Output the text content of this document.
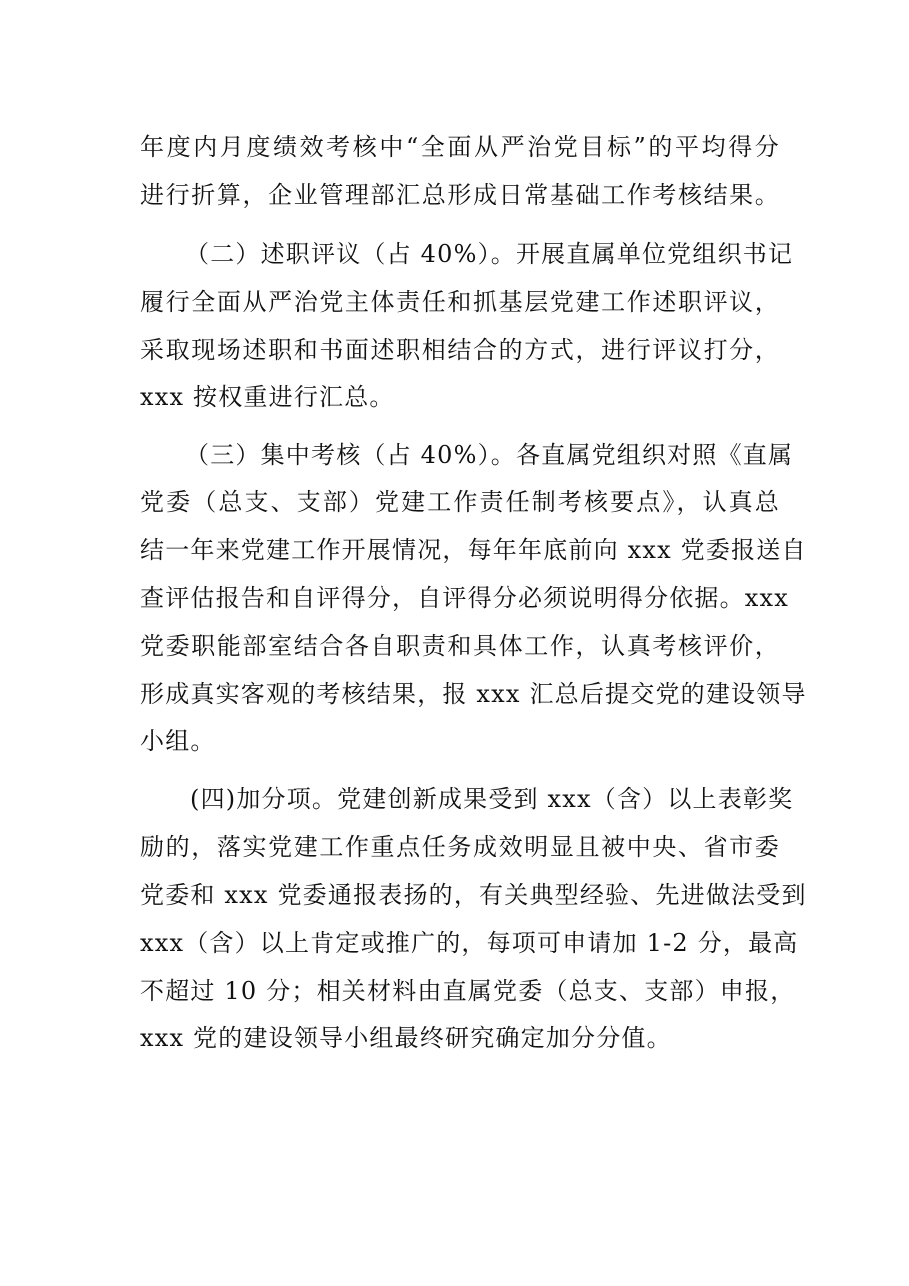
年度内月度绩效考核中“全面从严治党目标”的平均得分
进行折算，企业管理部汇总形成日常基础工作考核结果。
（二）述职评议（占 40%）。开展直属单位党组织书记
履行全面从严治党主体责任和抓基层党建工作述职评议，
采取现场述职和书面述职相结合的方式，进行评议打分，
xxx 按权重进行汇总。
（三）集中考核（占 40%）。各直属党组织对照《直属
党委（总支、支部）党建工作责任制考核要点》，认真总
结一年来党建工作开展情况，每年年底前向 xxx 党委报送自
查评估报告和自评得分，自评得分必须说明得分依据。xxx
党委职能部室结合各自职责和具体工作，认真考核评价，
形成真实客观的考核结果，报 xxx 汇总后提交党的建设领导
小组。
(四)加分项。党建创新成果受到 xxx（含）以上表彰奖
励的，落实党建工作重点任务成效明显且被中央、省市委
党委和 xxx 党委通报表扬的，有关典型经验、先进做法受到
xxx（含）以上肯定或推广的，每项可申请加 1-2 分，最高
不超过 10 分；相关材料由直属党委（总支、支部）申报，
xxx 党的建设领导小组最终研究确定加分分值。
